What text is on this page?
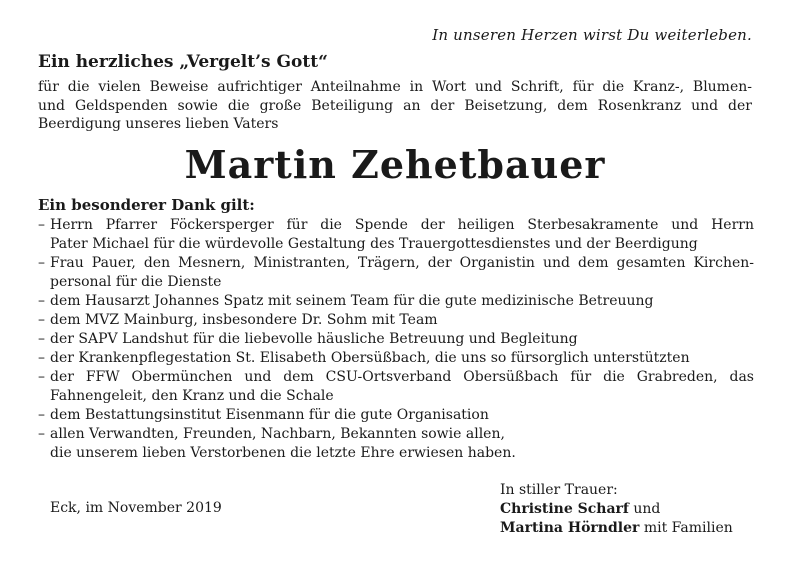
In unseren Herzen wirst Du weiterleben.
Ein herzliches „Vergelt’s Gott“
für die vielen Beweise aufrichtiger Anteilnahme in Wort und Schrift, für die Kranz-, Blumen-
und Geldspenden sowie die große Beteiligung an der Beisetzung, dem Rosenkranz und der
Beerdigung unseres lieben Vaters
Martin Zehetbauer
Ein besonderer Dank gilt:
– Herrn Pfarrer Föckersperger für die Spende der heiligen Sterbesakramente und Herrn
Pater Michael für die würdevolle Gestaltung des Trauergottesdienstes und der Beerdigung
– Frau Pauer, den Mesnern, Ministranten, Trägern, der Organistin und dem gesamten Kirchen-
personal für die Dienste
– dem Hausarzt Johannes Spatz mit seinem Team für die gute medizinische Betreuung
– dem MVZ Mainburg, insbesondere Dr. Sohm mit Team
– der SAPV Landshut für die liebevolle häusliche Betreuung und Begleitung
– der Krankenpflegestation St. Elisabeth Obersüßbach, die uns so fürsorglich unterstützten
– der FFW Obermünchen und dem CSU-Ortsverband Obersüßbach für die Grabreden, das
Fahnengeleit, den Kranz und die Schale
– dem Bestattungsinstitut Eisenmann für die gute Organisation
– allen Verwandten, Freunden, Nachbarn, Bekannten sowie allen,
die unserem lieben Verstorbenen die letzte Ehre erwiesen haben.
In stiller Trauer:
Christine Scharf und
Martina Hörndler mit Familien
Eck, im November 2019
